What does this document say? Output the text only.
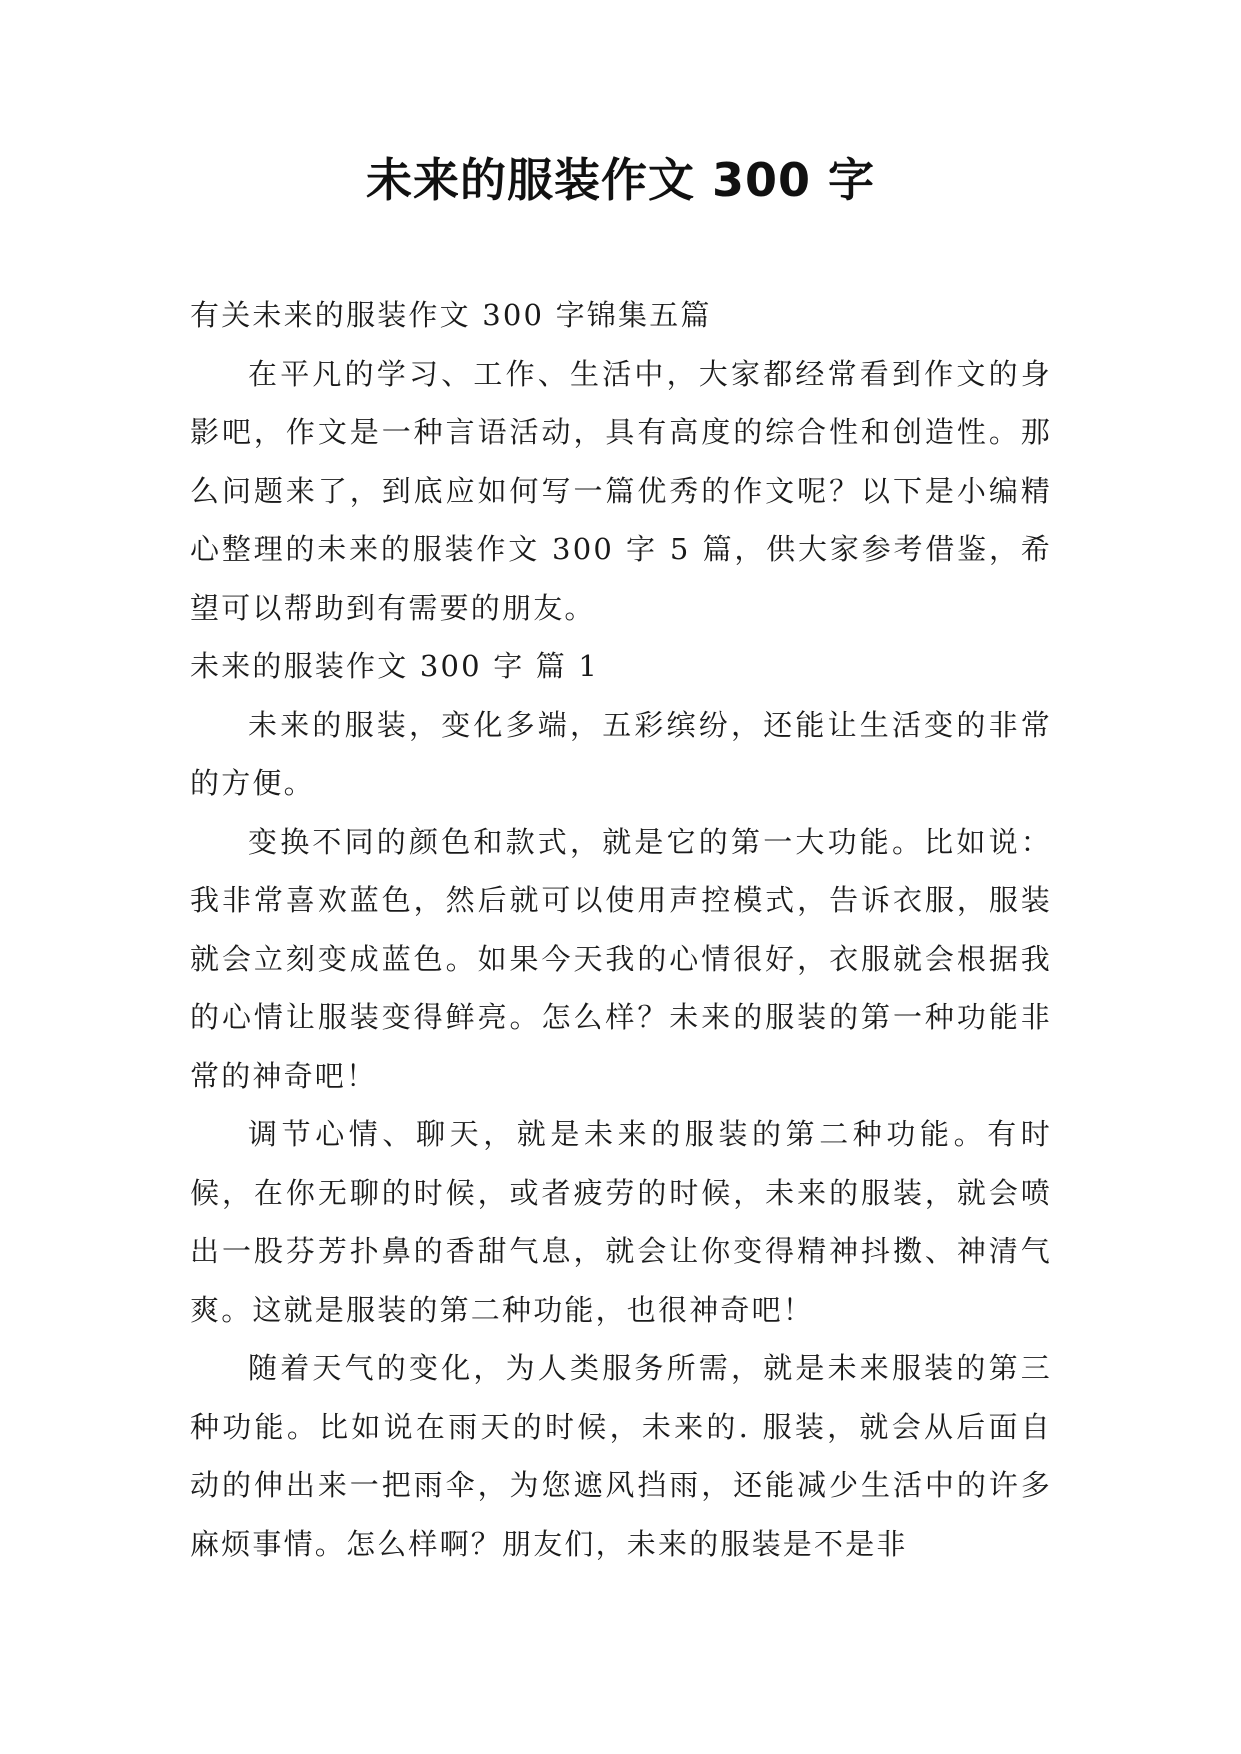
未来的服装作文 300 字

有关未来的服装作文 300 字锦集五篇

在平凡的学习、工作、生活中，大家都经常看到作文的身影吧，作文是一种言语活动，具有高度的综合性和创造性。那么问题来了，到底应如何写一篇优秀的作文呢？以下是小编精心整理的未来的服装作文 300 字 5 篇，供大家参考借鉴，希望可以帮助到有需要的朋友。

未来的服装作文 300 字 篇 1

未来的服装，变化多端，五彩缤纷，还能让生活变的非常的方便。

变换不同的颜色和款式，就是它的第一大功能。比如说：我非常喜欢蓝色，然后就可以使用声控模式，告诉衣服，服装就会立刻变成蓝色。如果今天我的心情很好，衣服就会根据我的心情让服装变得鲜亮。怎么样？未来的服装的第一种功能非常的神奇吧！

调节心情、聊天，就是未来的服装的第二种功能。有时候，在你无聊的时候，或者疲劳的时候，未来的服装，就会喷出一股芬芳扑鼻的香甜气息，就会让你变得精神抖擞、神清气爽。这就是服装的第二种功能，也很神奇吧！

随着天气的变化，为人类服务所需，就是未来服装的第三种功能。比如说在雨天的时候，未来的. 服装，就会从后面自动的伸出来一把雨伞，为您遮风挡雨，还能减少生活中的许多麻烦事情。怎么样啊？朋友们，未来的服装是不是非
